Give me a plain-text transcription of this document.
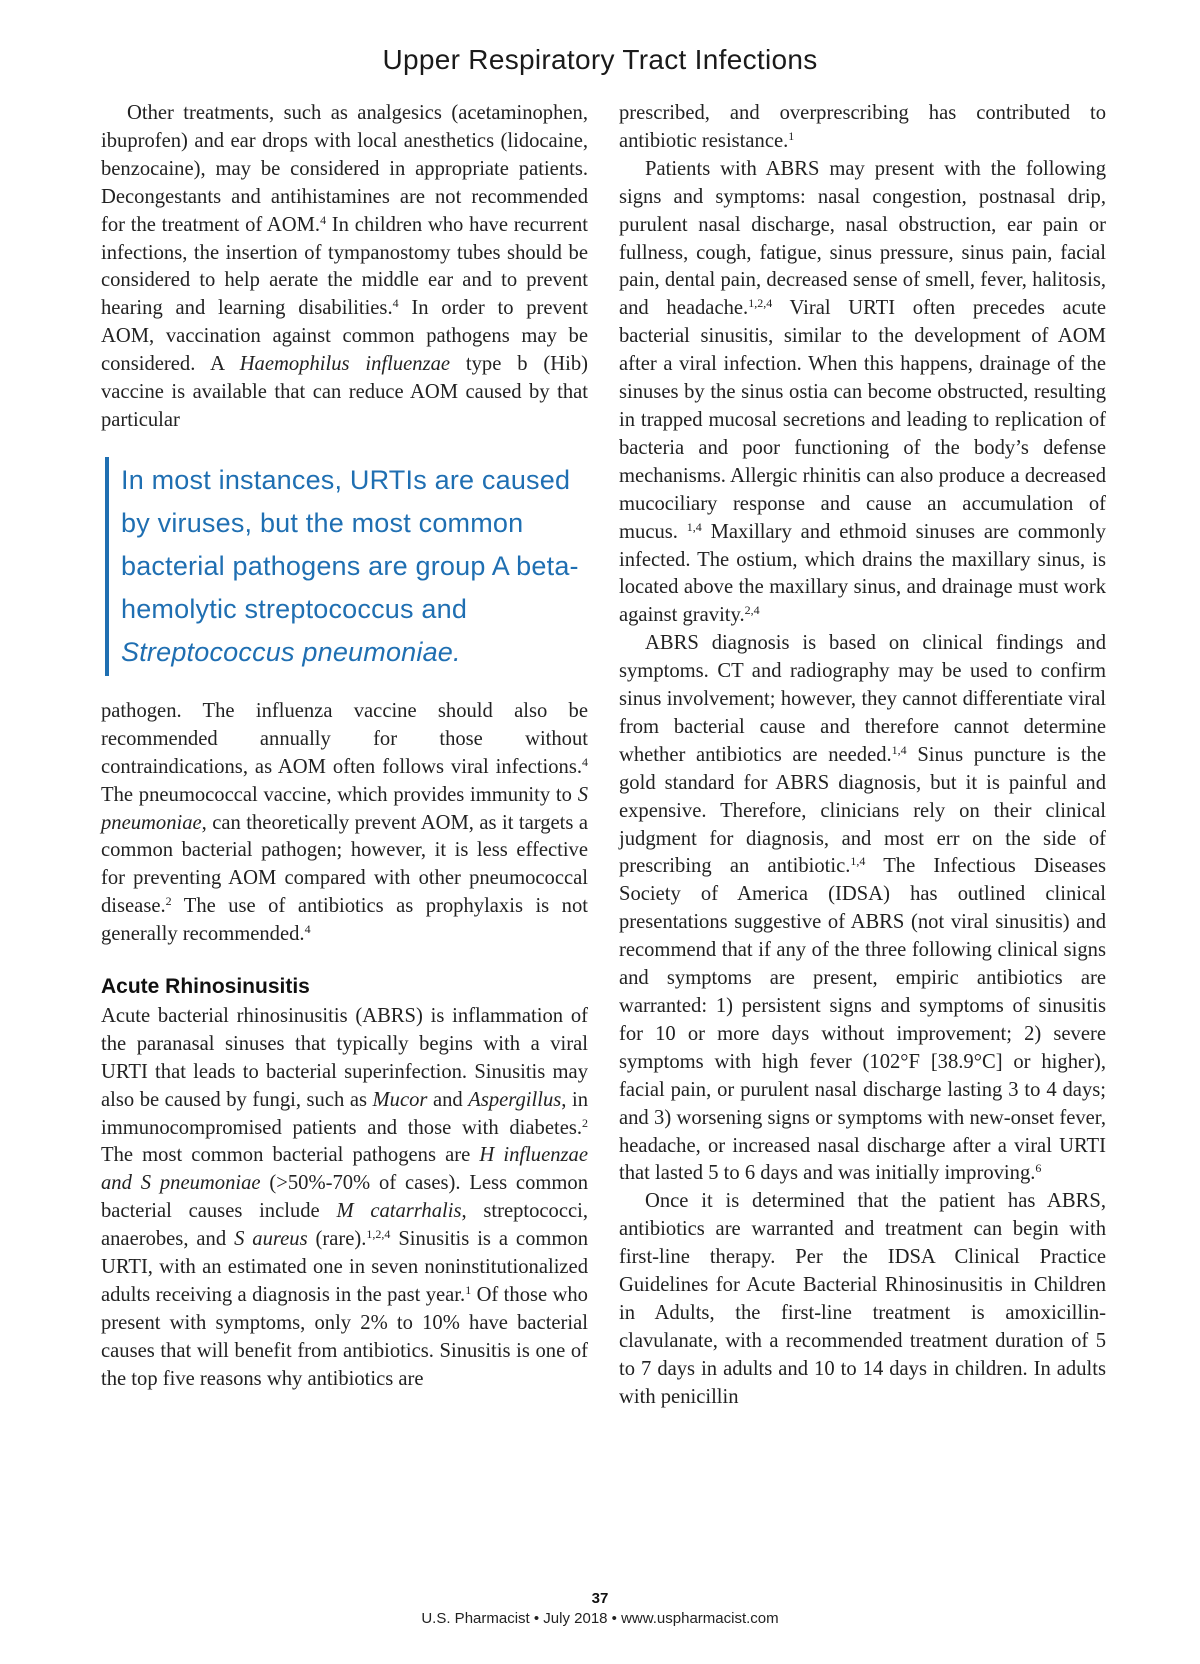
Upper Respiratory Tract Infections

Other treatments, such as analgesics (acetaminophen, ibuprofen) and ear drops with local anesthetics (lidocaine, benzocaine), may be considered in appropriate patients. Decongestants and antihistamines are not recommended for the treatment of AOM.$^4$ In children who have recurrent infections, the insertion of tympanostomy tubes should be considered to help aerate the middle ear and to prevent hearing and learning disabilities.$^4$ In order to prevent AOM, vaccination against common pathogens may be considered. A Haemophilus influenzae type b (Hib) vaccine is available that can reduce AOM caused by that particular

In most instances, URTIs are caused by viruses, but the most common bacterial pathogens are group A beta-hemolytic streptococcus and Streptococcus pneumoniae.

pathogen. The influenza vaccine should also be recommended annually for those without contraindications, as AOM often follows viral infections.$^4$ The pneumococcal vaccine, which provides immunity to S pneumoniae, can theoretically prevent AOM, as it targets a common bacterial pathogen; however, it is less effective for preventing AOM compared with other pneumococcal disease.$^2$ The use of antibiotics as prophylaxis is not generally recommended.$^4$

Acute Rhinosinusitis

Acute bacterial rhinosinusitis (ABRS) is inflammation of the paranasal sinuses that typically begins with a viral URTI that leads to bacterial superinfection. Sinusitis may also be caused by fungi, such as Mucor and Aspergillus, in immunocompromised patients and those with diabetes.$^2$ The most common bacterial pathogens are H influenzae and S pneumoniae (>50%-70% of cases). Less common bacterial causes include M catarrhalis, streptococci, anaerobes, and S aureus (rare).$^{1,2,4}$ Sinusitis is a common URTI, with an estimated one in seven noninstitutionalized adults receiving a diagnosis in the past year.$^1$ Of those who present with symptoms, only 2% to 10% have bacterial causes that will benefit from antibiotics. Sinusitis is one of the top five reasons why antibiotics are

prescribed, and overprescribing has contributed to antibiotic resistance.$^1$

Patients with ABRS may present with the following signs and symptoms: nasal congestion, postnasal drip, purulent nasal discharge, nasal obstruction, ear pain or fullness, cough, fatigue, sinus pressure, sinus pain, facial pain, dental pain, decreased sense of smell, fever, halitosis, and headache.$^{1,2,4}$ Viral URTI often precedes acute bacterial sinusitis, similar to the development of AOM after a viral infection. When this happens, drainage of the sinuses by the sinus ostia can become obstructed, resulting in trapped mucosal secretions and leading to replication of bacteria and poor functioning of the body’s defense mechanisms. Allergic rhinitis can also produce a decreased mucociliary response and cause an accumulation of mucus. $^{1,4}$ Maxillary and ethmoid sinuses are commonly infected. The ostium, which drains the maxillary sinus, is located above the maxillary sinus, and drainage must work against gravity.$^{2,4}$

ABRS diagnosis is based on clinical findings and symptoms. CT and radiography may be used to confirm sinus involvement; however, they cannot differentiate viral from bacterial cause and therefore cannot determine whether antibiotics are needed.$^{1,4}$ Sinus puncture is the gold standard for ABRS diagnosis, but it is painful and expensive. Therefore, clinicians rely on their clinical judgment for diagnosis, and most err on the side of prescribing an antibiotic.$^{1,4}$ The Infectious Diseases Society of America (IDSA) has outlined clinical presentations suggestive of ABRS (not viral sinusitis) and recommend that if any of the three following clinical signs and symptoms are present, empiric antibiotics are warranted: 1) persistent signs and symptoms of sinusitis for 10 or more days without improvement; 2) severe symptoms with high fever (102°F [38.9°C] or higher), facial pain, or purulent nasal discharge lasting 3 to 4 days; and 3) worsening signs or symptoms with new-onset fever, headache, or increased nasal discharge after a viral URTI that lasted 5 to 6 days and was initially improving.$^6$

Once it is determined that the patient has ABRS, antibiotics are warranted and treatment can begin with first-line therapy. Per the IDSA Clinical Practice Guidelines for Acute Bacterial Rhinosinusitis in Children in Adults, the first-line treatment is amoxicillin-clavulanate, with a recommended treatment duration of 5 to 7 days in adults and 10 to 14 days in children. In adults with penicillin

37
U.S. Pharmacist • July 2018 • www.uspharmacist.com
